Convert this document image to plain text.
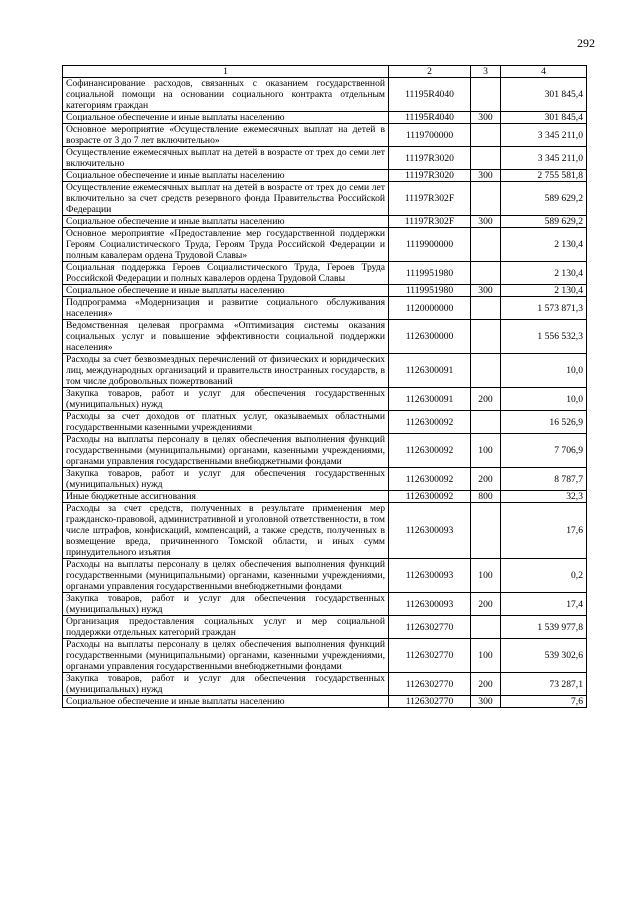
292
1	2	3	4
Софинансирование расходов, связанных с оказанием государственной социальной помощи на основании социального контракта отдельным категориям граждан	11195R4040		301 845,4
Социальное обеспечение и иные выплаты населению	11195R4040	300	301 845,4
Основное мероприятие «Осуществление ежемесячных выплат на детей в возрасте от 3 до 7 лет включительно»	1119700000		3 345 211,0
Осуществление ежемесячных выплат на детей в возрасте от трех до семи лет включительно	11197R3020		3 345 211,0
Социальное обеспечение и иные выплаты населению	11197R3020	300	2 755 581,8
Осуществление ежемесячных выплат на детей в возрасте от трех до семи лет включительно за счет средств резервного фонда Правительства Российской Федерации	11197R302F		589 629,2
Социальное обеспечение и иные выплаты населению	11197R302F	300	589 629,2
Основное мероприятие «Предоставление мер государственной поддержки Героям Социалистического Труда, Героям Труда Российской Федерации и полным кавалерам ордена Трудовой Славы»	1119900000		2 130,4
Социальная поддержка Героев Социалистического Труда, Героев Труда Российской Федерации и полных кавалеров ордена Трудовой Славы	1119951980		2 130,4
Социальное обеспечение и иные выплаты населению	1119951980	300	2 130,4
Подпрограмма «Модернизация и развитие социального обслуживания населения»	1120000000		1 573 871,3
Ведомственная целевая программа «Оптимизация системы оказания социальных услуг и повышение эффективности социальной поддержки населения»	1126300000		1 556 532,3
Расходы за счет безвозмездных перечислений от физических и юридических лиц, международных организаций и правительств иностранных государств, в том числе добровольных пожертвований	1126300091		10,0
Закупка товаров, работ и услуг для обеспечения государственных (муниципальных) нужд	1126300091	200	10,0
Расходы за счет доходов от платных услуг, оказываемых областными государственными казенными учреждениями	1126300092		16 526,9
Расходы на выплаты персоналу в целях обеспечения выполнения функций государственными (муниципальными) органами, казенными учреждениями, органами управления государственными внебюджетными фондами	1126300092	100	7 706,9
Закупка товаров, работ и услуг для обеспечения государственных (муниципальных) нужд	1126300092	200	8 787,7
Иные бюджетные ассигнования	1126300092	800	32,3
Расходы за счет средств, полученных в результате применения мер гражданско-правовой, административной и уголовной ответственности, в том числе штрафов, конфискаций, компенсаций, а также средств, полученных в возмещение вреда, причиненного Томской области, и иных сумм принудительного изъятия	1126300093		17,6
Расходы на выплаты персоналу в целях обеспечения выполнения функций государственными (муниципальными) органами, казенными учреждениями, органами управления государственными внебюджетными фондами	1126300093	100	0,2
Закупка товаров, работ и услуг для обеспечения государственных (муниципальных) нужд	1126300093	200	17,4
Организация предоставления социальных услуг и мер социальной поддержки отдельных категорий граждан	1126302770		1 539 977,8
Расходы на выплаты персоналу в целях обеспечения выполнения функций государственными (муниципальными) органами, казенными учреждениями, органами управления государственными внебюджетными фондами	1126302770	100	539 302,6
Закупка товаров, работ и услуг для обеспечения государственных (муниципальных) нужд	1126302770	200	73 287,1
Социальное обеспечение и иные выплаты населению	1126302770	300	7,6
